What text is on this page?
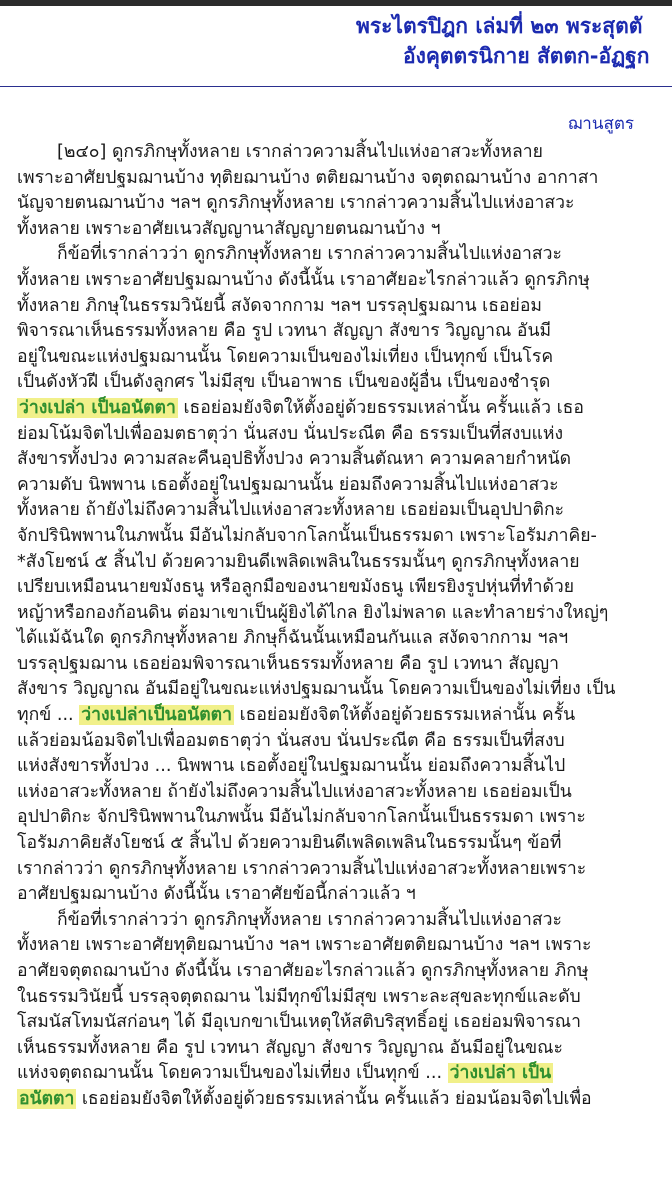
พระไตรปิฎก เล่มที่ ๒๓ พระสุตตั
อังคุตตรนิกาย สัตตก-อัฏฐก
ฌานสูตร
[๒๔๐] ดูกรภิกษุทั้งหลาย เรากล่าวความสิ้นไปแห่งอาสวะทั้งหลาย
เพราะอาศัยปฐมฌานบ้าง ทุติยฌานบ้าง ตติยฌานบ้าง จตุตถฌานบ้าง อากาสา
นัญจายตนฌานบ้าง ฯลฯ ดูกรภิกษุทั้งหลาย เรากล่าวความสิ้นไปแห่งอาสวะ
ทั้งหลาย เพราะอาศัยเนวสัญญานาสัญญายตนฌานบ้าง ฯ
ก็ข้อที่เรากล่าวว่า ดูกรภิกษุทั้งหลาย เรากล่าวความสิ้นไปแห่งอาสวะ
ทั้งหลาย เพราะอาศัยปฐมฌานบ้าง ดังนี้นั้น เราอาศัยอะไรกล่าวแล้ว ดูกรภิกษุ
ทั้งหลาย ภิกษุในธรรมวินัยนี้ สงัดจากกาม ฯลฯ บรรลุปฐมฌาน เธอย่อม
พิจารณาเห็นธรรมทั้งหลาย คือ รูป เวทนา สัญญา สังขาร วิญญาณ อันมี
อยู่ในขณะแห่งปฐมฌานนั้น โดยความเป็นของไม่เที่ยง เป็นทุกข์ เป็นโรค
เป็นดังหัวฝี เป็นดังลูกศร ไม่มีสุข เป็นอาพาธ เป็นของผู้อื่น เป็นของชำรุด
ว่างเปล่า เป็นอนัตตา เธอย่อมยังจิตให้ตั้งอยู่ด้วยธรรมเหล่านั้น ครั้นแล้ว เธอ
ย่อมโน้มจิตไปเพื่ออมตธาตุว่า นั่นสงบ นั่นประณีต คือ ธรรมเป็นที่สงบแห่ง
สังขารทั้งปวง ความสละคืนอุปธิทั้งปวง ความสิ้นตัณหา ความคลายกำหนัด
ความดับ นิพพาน เธอตั้งอยู่ในปฐมฌานนั้น ย่อมถึงความสิ้นไปแห่งอาสวะ
ทั้งหลาย ถ้ายังไม่ถึงความสิ้นไปแห่งอาสวะทั้งหลาย เธอย่อมเป็นอุปปาติกะ
จักปรินิพพานในภพนั้น มีอันไม่กลับจากโลกนั้นเป็นธรรมดา เพราะโอรัมภาคิย-
*สังโยชน์ ๕ สิ้นไป ด้วยความยินดีเพลิดเพลินในธรรมนั้นๆ ดูกรภิกษุทั้งหลาย
เปรียบเหมือนนายขมังธนู หรือลูกมือของนายขมังธนู เพียรยิงรูปหุ่นที่ทำด้วย
หญ้าหรือกองก้อนดิน ต่อมาเขาเป็นผู้ยิงได้ไกล ยิงไม่พลาด และทำลายร่างใหญ่ๆ
ได้แม้ฉันใด ดูกรภิกษุทั้งหลาย ภิกษุก็ฉันนั้นเหมือนกันแล สงัดจากกาม ฯลฯ
บรรลุปฐมฌาน เธอย่อมพิจารณาเห็นธรรมทั้งหลาย คือ รูป เวทนา สัญญา
สังขาร วิญญาณ อันมีอยู่ในขณะแห่งปฐมฌานนั้น โดยความเป็นของไม่เที่ยง เป็น
ทุกข์ ... ว่างเปล่าเป็นอนัตตา เธอย่อมยังจิตให้ตั้งอยู่ด้วยธรรมเหล่านั้น ครั้น
แล้วย่อมน้อมจิตไปเพื่ออมตธาตุว่า นั่นสงบ นั่นประณีต คือ ธรรมเป็นที่สงบ
แห่งสังขารทั้งปวง ... นิพพาน เธอตั้งอยู่ในปฐมฌานนั้น ย่อมถึงความสิ้นไป
แห่งอาสวะทั้งหลาย ถ้ายังไม่ถึงความสิ้นไปแห่งอาสวะทั้งหลาย เธอย่อมเป็น
อุปปาติกะ จักปรินิพพานในภพนั้น มีอันไม่กลับจากโลกนั้นเป็นธรรมดา เพราะ
โอรัมภาคิยสังโยชน์ ๕ สิ้นไป ด้วยความยินดีเพลิดเพลินในธรรมนั้นๆ ข้อที่
เรากล่าวว่า ดูกรภิกษุทั้งหลาย เรากล่าวความสิ้นไปแห่งอาสวะทั้งหลายเพราะ
อาศัยปฐมฌานบ้าง ดังนี้นั้น เราอาศัยข้อนี้กล่าวแล้ว ฯ
ก็ข้อที่เรากล่าวว่า ดูกรภิกษุทั้งหลาย เรากล่าวความสิ้นไปแห่งอาสวะ
ทั้งหลาย เพราะอาศัยทุติยฌานบ้าง ฯลฯ เพราะอาศัยตติยฌานบ้าง ฯลฯ เพราะ
อาศัยจตุตถฌานบ้าง ดังนี้นั้น เราอาศัยอะไรกล่าวแล้ว ดูกรภิกษุทั้งหลาย ภิกษุ
ในธรรมวินัยนี้ บรรลุจตุตถฌาน ไม่มีทุกข์ไม่มีสุข เพราะละสุขละทุกข์และดับ
โสมนัสโทมนัสก่อนๆ ได้ มีอุเบกขาเป็นเหตุให้สติบริสุทธิ์อยู่ เธอย่อมพิจารณา
เห็นธรรมทั้งหลาย คือ รูป เวทนา สัญญา สังขาร วิญญาณ อันมีอยู่ในขณะ
แห่งจตุตถฌานนั้น โดยความเป็นของไม่เที่ยง เป็นทุกข์ ... ว่างเปล่า เป็น
อนัตตา เธอย่อมยังจิตให้ตั้งอยู่ด้วยธรรมเหล่านั้น ครั้นแล้ว ย่อมน้อมจิตไปเพื่อ
